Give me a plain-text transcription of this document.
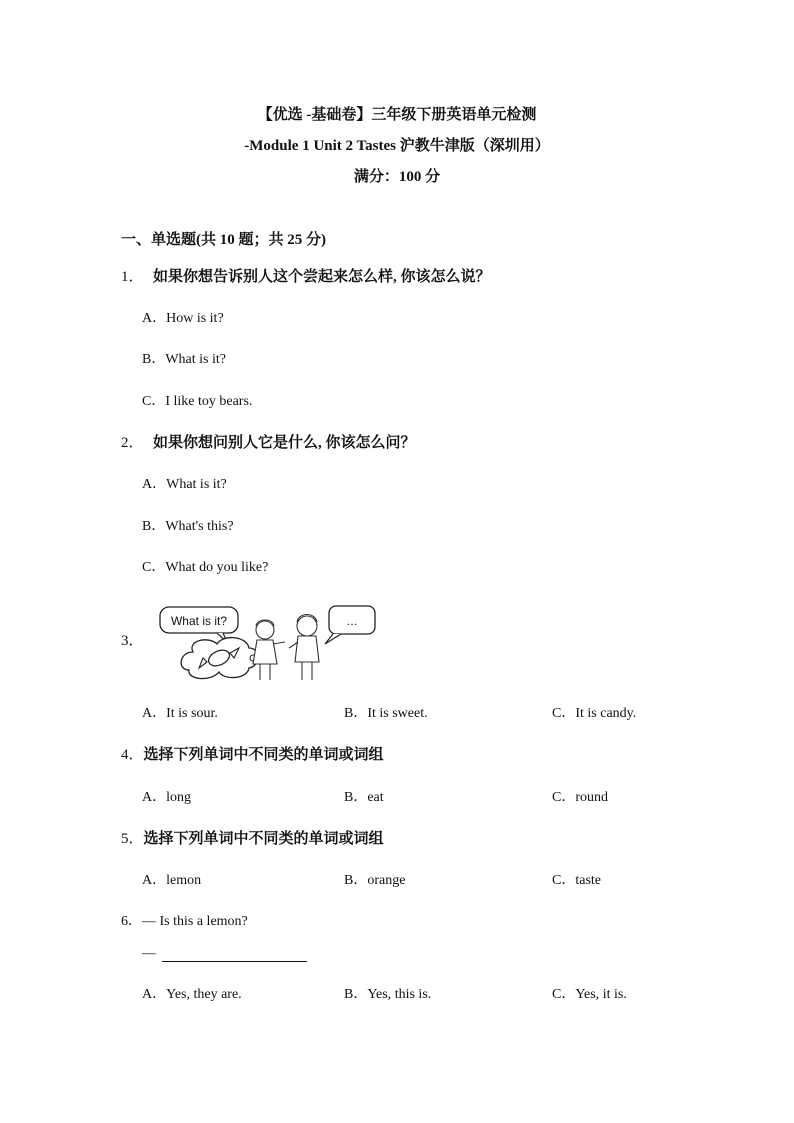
【优选 -基础卷】三年级下册英语单元检测
-Module 1 Unit 2 Tastes 沪教牛津版（深圳用）
满分：100 分
一、单选题(共 10 题；共 25 分)
1． 如果你想告诉别人这个尝起来怎么样, 你该怎么说？
A．How is it?
B．What is it?
C．I like toy bears.
2． 如果你想问别人它是什么, 你该怎么问？
A．What is it?
B．What's this?
C．What do you like?
3．
What is it?	…
A．It is sour.	B．It is sweet.	C．It is candy.
4．选择下列单词中不同类的单词或词组
A．long	B．eat	C．round
5．选择下列单词中不同类的单词或词组
A．lemon	B．orange	C．taste
6．— Is this a lemon?
—
A．Yes, they are.	B．Yes, this is.	C．Yes, it is.
